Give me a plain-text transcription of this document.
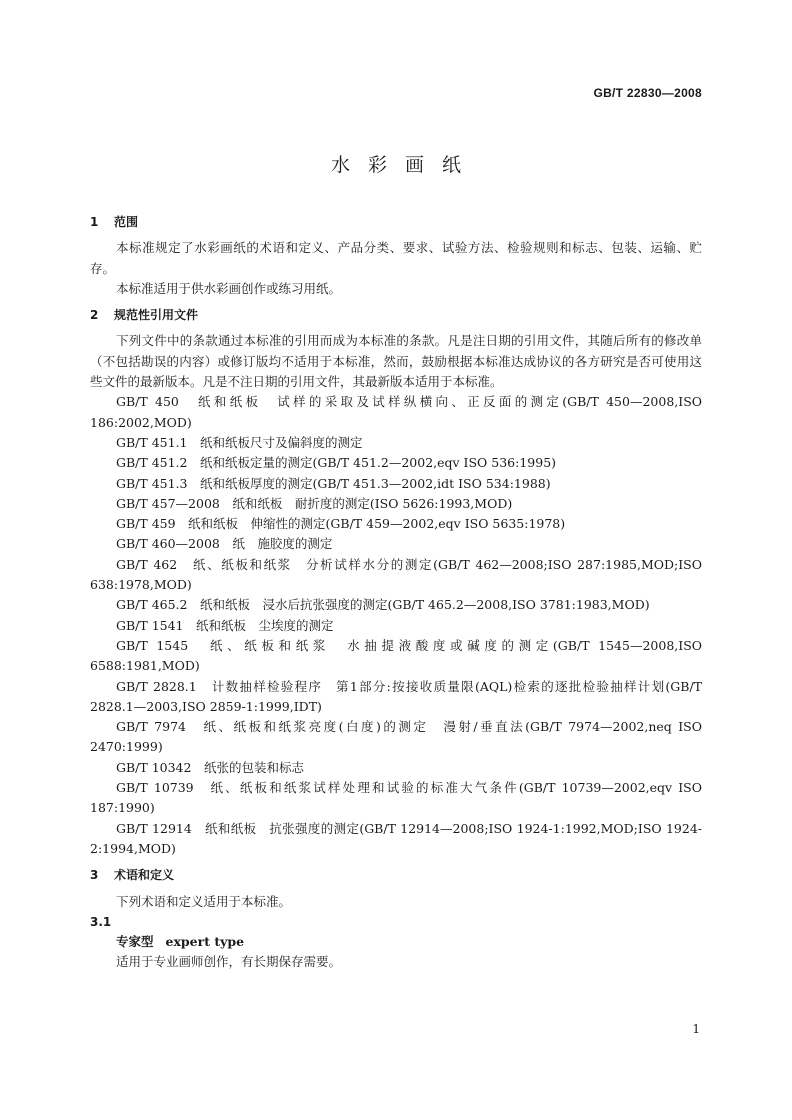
GB/T 22830—2008
水彩画纸
1 范围
本标准规定了水彩画纸的术语和定义、产品分类、要求、试验方法、检验规则和标志、包装、运输、贮存。
本标准适用于供水彩画创作或练习用纸。
2 规范性引用文件
下列文件中的条款通过本标准的引用而成为本标准的条款。凡是注日期的引用文件，其随后所有的修改单（不包括勘误的内容）或修订版均不适用于本标准，然而，鼓励根据本标准达成协议的各方研究是否可使用这些文件的最新版本。凡是不注日期的引用文件，其最新版本适用于本标准。
GB/T 450　纸和纸板　试样的采取及试样纵横向、正反面的测定(GB/T 450—2008,ISO 186:2002,MOD)
GB/T 451.1　纸和纸板尺寸及偏斜度的测定
GB/T 451.2　纸和纸板定量的测定(GB/T 451.2—2002,eqv ISO 536:1995)
GB/T 451.3　纸和纸板厚度的测定(GB/T 451.3—2002,idt ISO 534:1988)
GB/T 457—2008　纸和纸板　耐折度的测定(ISO 5626:1993,MOD)
GB/T 459　纸和纸板　伸缩性的测定(GB/T 459—2002,eqv ISO 5635:1978)
GB/T 460—2008　纸　施胶度的测定
GB/T 462　纸、纸板和纸浆　分析试样水分的测定(GB/T 462—2008;ISO 287:1985,MOD;ISO 638:1978,MOD)
GB/T 465.2　纸和纸板　浸水后抗张强度的测定(GB/T 465.2—2008,ISO 3781:1983,MOD)
GB/T 1541　纸和纸板　尘埃度的测定
GB/T 1545　纸、纸板和纸浆　水抽提液酸度或碱度的测定(GB/T 1545—2008,ISO 6588:1981,MOD)
GB/T 2828.1　计数抽样检验程序　第1部分:按接收质量限(AQL)检索的逐批检验抽样计划(GB/T 2828.1—2003,ISO 2859-1:1999,IDT)
GB/T 7974　纸、纸板和纸浆亮度(白度)的测定　漫射/垂直法(GB/T 7974—2002,neq ISO 2470:1999)
GB/T 10342　纸张的包装和标志
GB/T 10739　纸、纸板和纸浆试样处理和试验的标准大气条件(GB/T 10739—2002,eqv ISO 187:1990)
GB/T 12914　纸和纸板　抗张强度的测定(GB/T 12914—2008;ISO 1924-1:1992,MOD;ISO 1924-2:1994,MOD)
3 术语和定义
下列术语和定义适用于本标准。
3.1
专家型 expert type
适用于专业画师创作，有长期保存需要。
1
